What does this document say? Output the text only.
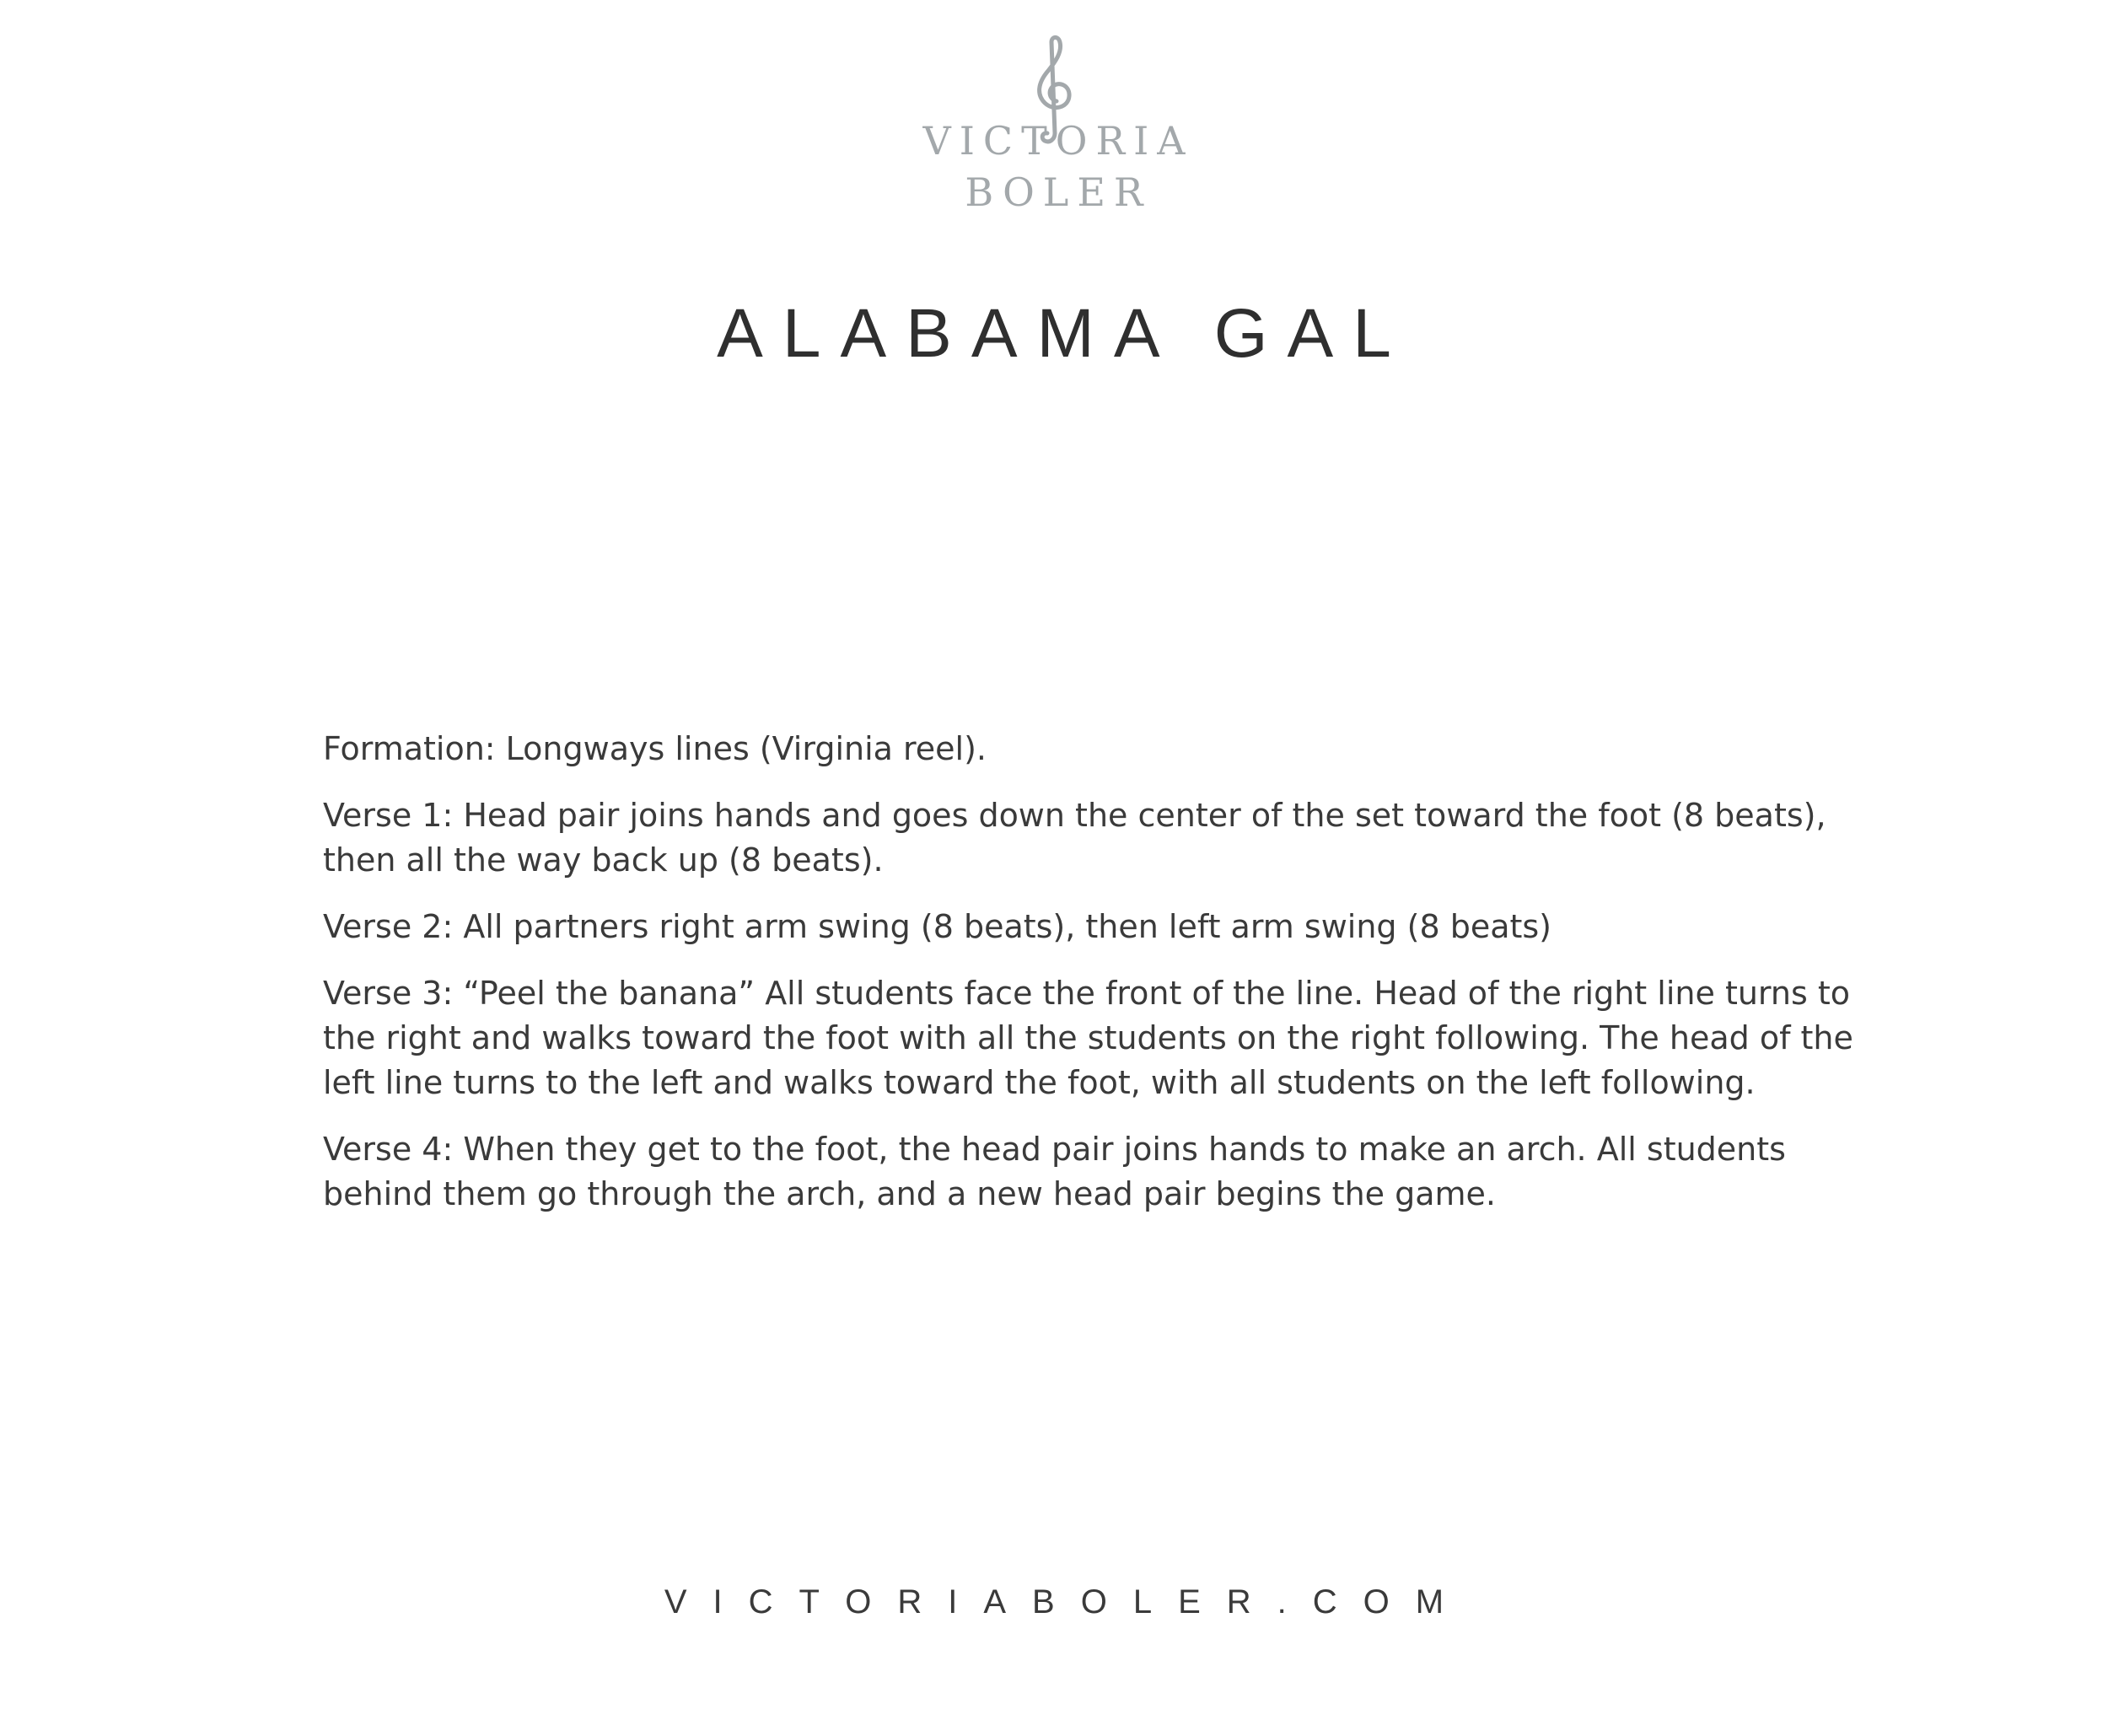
VICTORIA
BOLER
ALABAMA GAL

Formation: Longways lines (Virginia reel).

Verse 1: Head pair joins hands and goes down the center of the set toward the foot (8 beats), then all the way back up (8 beats).

Verse 2: All partners right arm swing (8 beats), then left arm swing (8 beats)

Verse 3: “Peel the banana” All students face the front of the line. Head of the right line turns to the right and walks toward the foot with all the students on the right following. The head of the left line turns to the left and walks toward the foot, with all students on the left following.

Verse 4: When they get to the foot, the head pair joins hands to make an arch. All students behind them go through the arch, and a new head pair begins the game.

VICTORIABOLER.COM
